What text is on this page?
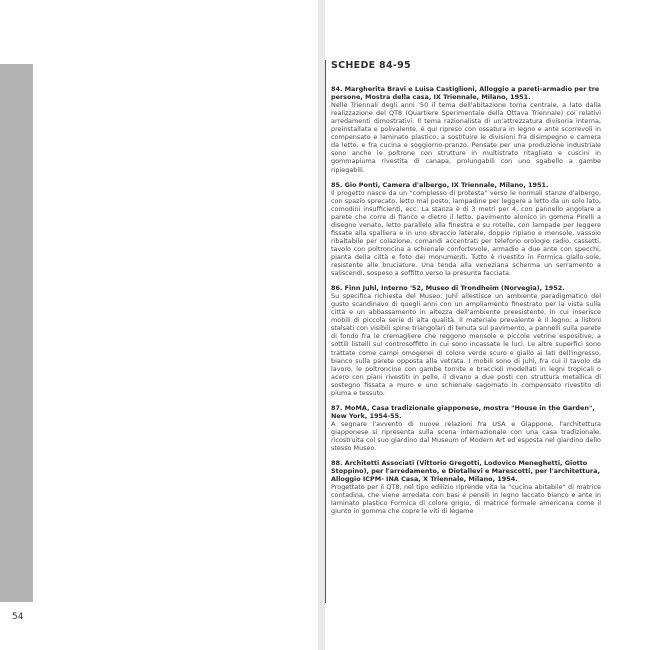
54
SCHEDE 84-95
84. Margherita Bravi e Luisa Castiglioni, Alloggio a pareti-armadio per tre persone, Mostra della casa, IX Triennale, Milano, 1951.
Nelle Triennali degli anni '50 il tema dell'abitazione torna centrale, a lato dalla realizzazione del QT8 (Quartiere Sperimentale della Ottava Triennale) coi relativi arredamenti dimostrativi. Il tema razionalista di un'attrezzatura divisoria interna, preinstallata e polivalente, è qui ripreso con ossatura in legno e ante scorrevoli in compensato e laminato plastico, a sostituire le divisioni fra disimpegno e camera da letto, e fra cucina e soggiorno-pranzo. Pensate per una produzione industriale sono anche le poltrone con strutture in multistrato ritagliato e cuscini in gommapiuma rivestita di canapa, prolungabili con uno sgabello a gambe ripiegabili.
85. Gio Ponti, Camera d'albergo, IX Triennale, Milano, 1951.
Il progetto nasce da un "complesso di protesta" verso le normali stanze d'albergo, con spazio sprecato, letto mal posto, lampadine per leggere a letto da un solo lato, comodini insufficienti, ecc. La stanza è di 3 metri per 4, con pannello angolare a parete che corre di fianco e dietro il letto, pavimento alonico in gomma Pirelli a disegno venato, letto parallelo alla finestra e su rotelle, con lampade per leggere fissate alla spalliera e in uno sbraccio laterale, doppio ripiano e mensole, vassoio ribaltabile per colazione, comandi accentrati per telefono orologio radio, cassetti, tavolo con poltroncina a schienale confortevole, armadio a due ante con specchi, pianta della città e foto dei monumenti. Tutto è rivestito in Formica giallo-sole, resistente alle bruciature. Una tenda alla veneziana scherma un serramento a saliscendi, sospeso a soffitto verso la presunta facciata.
86. Finn Juhl, Interno '52, Museo di Trondheim (Norvegia), 1952.
Su specifica richiesta del Museo, Juhl allestisce un ambiente paradigmatico del gusto scandinavo di quegli anni con un ampliamento finestrato per la vista sulla città e un abbassamento in altezza dell'ambiente preesistente, in cui inserisce mobili di piccola serie di alta qualità. Il materiale prevalente è il legno: a listoni stalsati con visibili spine triangolari di tenuta sul pavimento, a pannelli sulla parete di fondo fra le cremagliere che reggono mensole e piccole vetrine espositive, a sottili listelli sul controsoffitto in cui sono incassate le luci. Le altre superfici sono trattate come campi omogenei di colore verde scuro e giallo ai lati dell'ingresso, bianco sulla parete opposta alla vetrata. I mobili sono di Juhl, fra cui il tavolo da lavoro, le poltroncine con gambe tornite e braccioli modellati in legni tropicali o acero con piani rivestiti in pelle, il divano a due posti con struttura metallica di sostegno fissata a muro e uno schienale sagomato in compensato rivestito di piuma e tessuto.
87. MoMA, Casa tradizionale giapponese, mostra "House in the Garden", New York, 1954-55.
A segnare l'avvento di nuove relazioni fra USA e Giappone, l'architettura giapponese si ripresenta sulla scena internazionale con una casa tradizionale, ricostruita col suo giardino dal Museum of Modern Art ed esposta nel giardino dello stesso Museo.
88. Architetti Associati (Vittorio Gregotti, Lodovico Meneghetti, Giotto Stoppino), per l'arredamento, e Diotallevi e Marescotti, per l'architettura, Alloggio ICPM- INA Casa, X Triennale, Milano, 1954.
Progettato per il QT8, nel tipo edilizio riprende vita la "cucina abitabile" di matrice contadina, che viene arredata con basi e pensili in legno laccato bianco e ante in laminato plastico Formica di colore grigio, di matrice formale americana come il giunto in gomma che copre le viti di legame
